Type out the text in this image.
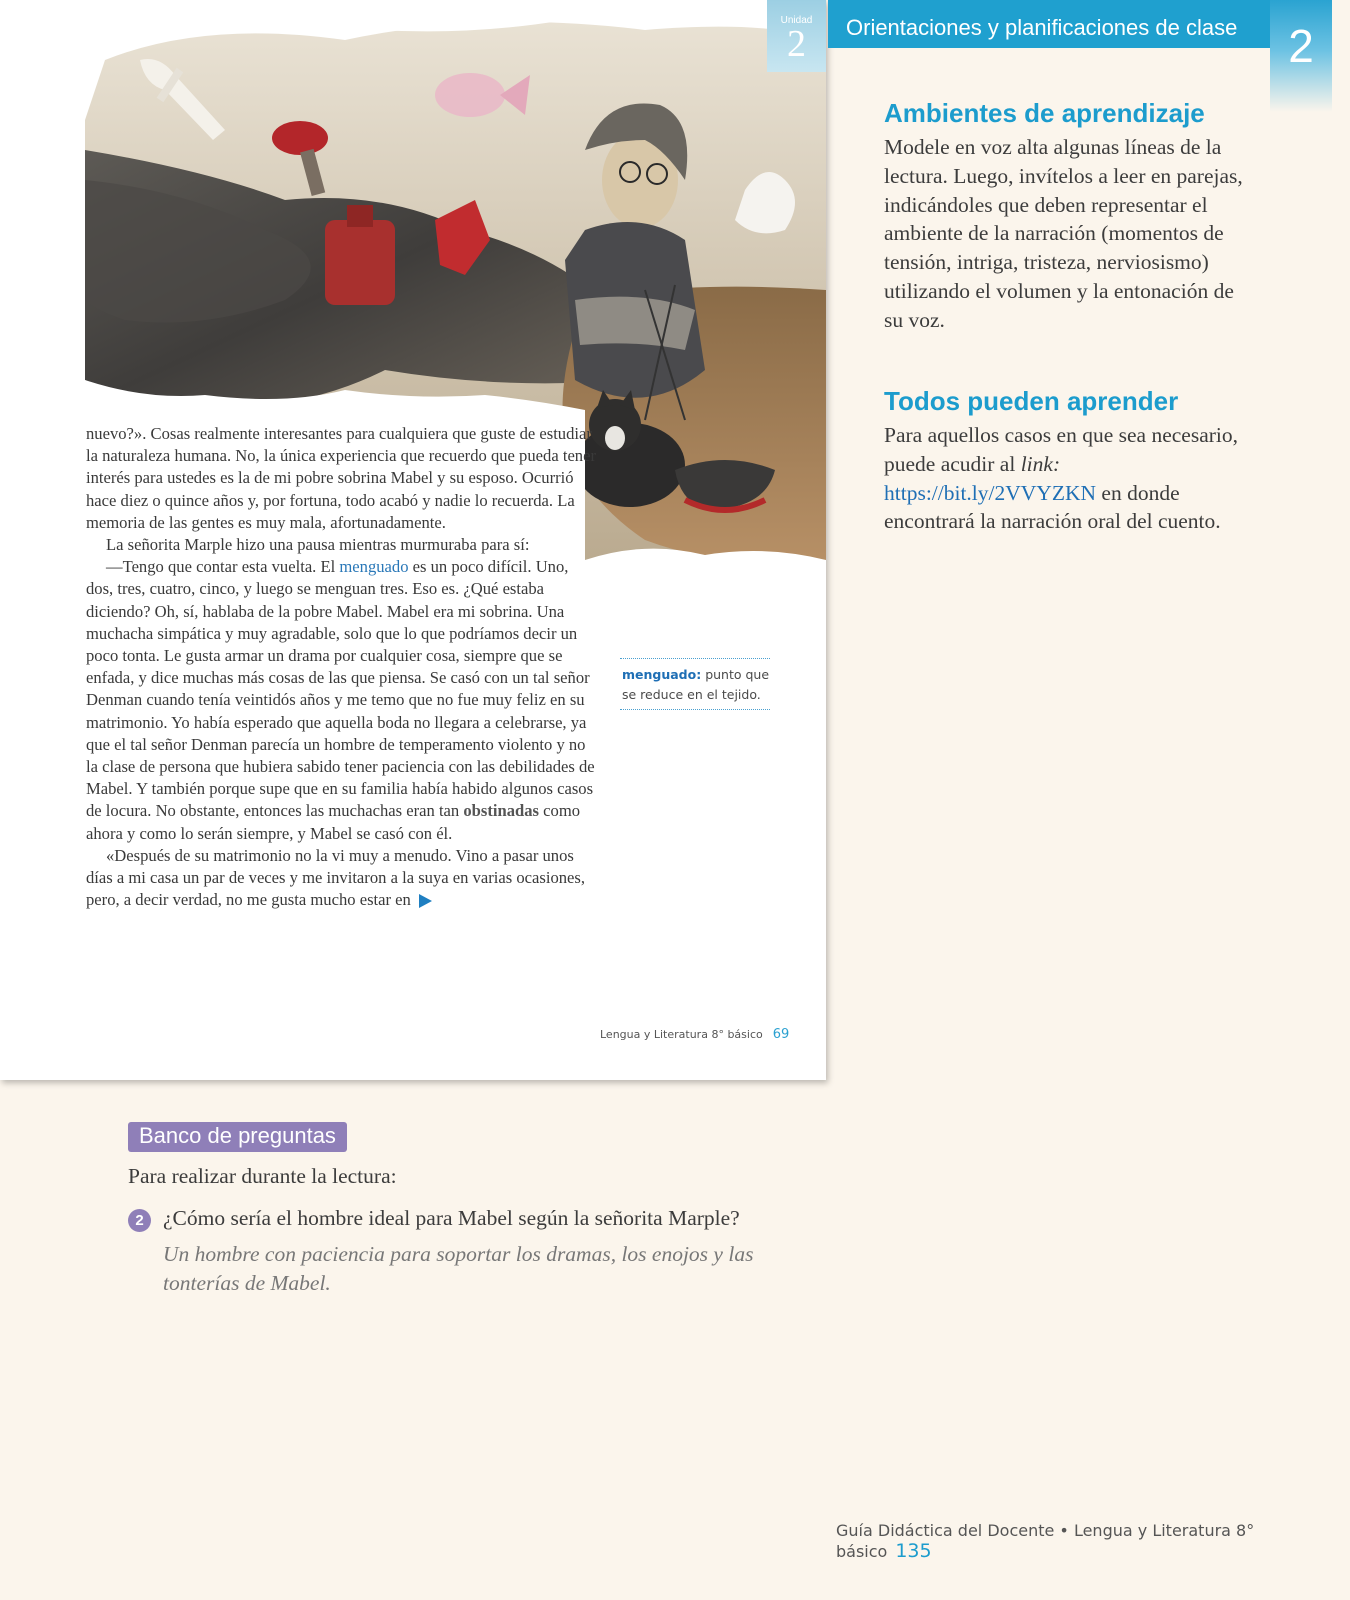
Unidad
2

nuevo?». Cosas realmente interesantes para cualquiera que guste de estudiar la naturaleza humana. No, la única experiencia que recuerdo que pueda tener interés para ustedes es la de mi pobre sobrina Mabel y su esposo. Ocurrió hace diez o quince años y, por fortuna, todo acabó y nadie lo recuerda. La memoria de las gentes es muy mala, afortunadamente.

La señorita Marple hizo una pausa mientras murmuraba para sí:

—Tengo que contar esta vuelta. El menguado es un poco difícil. Uno, dos, tres, cuatro, cinco, y luego se menguan tres. Eso es. ¿Qué estaba diciendo? Oh, sí, hablaba de la pobre Mabel. Mabel era mi sobrina. Una muchacha simpática y muy agradable, solo que lo que podríamos decir un poco tonta. Le gusta armar un drama por cualquier cosa, siempre que se enfada, y dice muchas más cosas de las que piensa. Se casó con un tal señor Denman cuando tenía veintidós años y me temo que no fue muy feliz en su matrimonio. Yo había esperado que aquella boda no llegara a celebrarse, ya que el tal señor Denman parecía un hombre de temperamento violento y no la clase de persona que hubiera sabido tener paciencia con las debilidades de Mabel. Y también porque supe que en su familia había habido algunos casos de locura. No obstante, entonces las muchachas eran tan obstinadas como ahora y como lo serán siempre, y Mabel se casó con él.

«Después de su matrimonio no la vi muy a menudo. Vino a pasar unos días a mi casa un par de veces y me invitaron a la suya en varias ocasiones, pero, a decir verdad, no me gusta mucho estar en

menguado: punto que se reduce en el tejido.
Lengua y Literatura 8° básico 69
Orientaciones y planificaciones de clase	2
Ambientes de aprendizaje

Modele en voz alta algunas líneas de la lectura. Luego, invítelos a leer en parejas, indicándoles que deben representar el ambiente de la narración (momentos de tensión, intriga, tristeza, nerviosismo) utilizando el volumen y la entonación de su voz.

Todos pueden aprender

Para aquellos casos en que sea necesario, puede acudir al link:
https://bit.ly/2VVYZKN en donde encontrará la narración oral del cuento.

Banco de preguntas
Para realizar durante la lectura:
2 ¿Cómo sería el hombre ideal para Mabel según la señorita Marple?
Un hombre con paciencia para soportar los dramas, los enojos y las tonterías de Mabel.
Guía Didáctica del Docente • Lengua y Literatura 8° básico 135
